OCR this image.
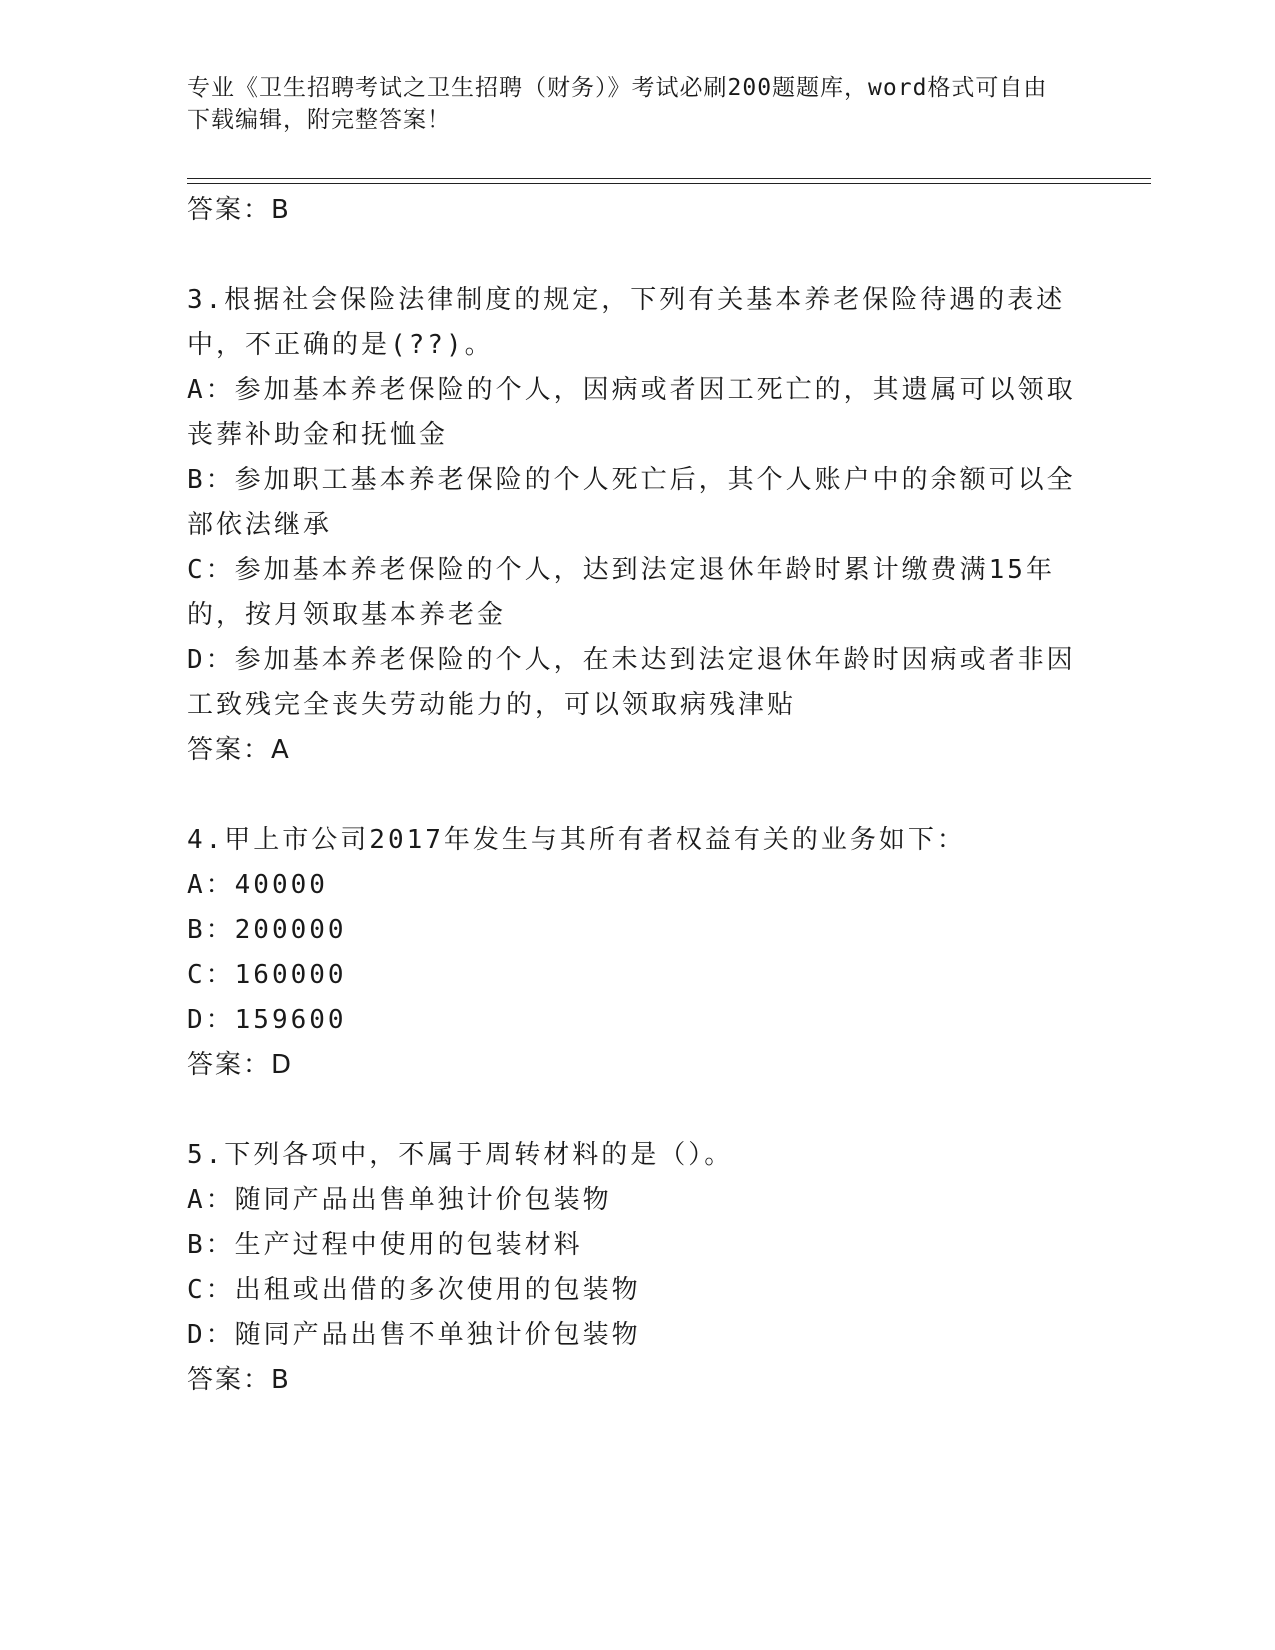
专业《卫生招聘考试之卫生招聘（财务）》考试必刷200题题库，word格式可自由下载编辑，附完整答案！
答案：B
3.根据社会保险法律制度的规定，下列有关基本养老保险待遇的表述
中，不正确的是(??)。
A：参加基本养老保险的个人，因病或者因工死亡的，其遗属可以领取
丧葬补助金和抚恤金
B：参加职工基本养老保险的个人死亡后，其个人账户中的余额可以全
部依法继承
C：参加基本养老保险的个人，达到法定退休年龄时累计缴费满15年
的，按月领取基本养老金
D：参加基本养老保险的个人，在未达到法定退休年龄时因病或者非因
工致残完全丧失劳动能力的，可以领取病残津贴
答案：A
4.甲上市公司2017年发生与其所有者权益有关的业务如下：
A：40000
B：200000
C：160000
D：159600
答案：D
5.下列各项中，不属于周转材料的是（）。
A：随同产品出售单独计价包装物
B：生产过程中使用的包装材料
C：出租或出借的多次使用的包装物
D：随同产品出售不单独计价包装物
答案：B
